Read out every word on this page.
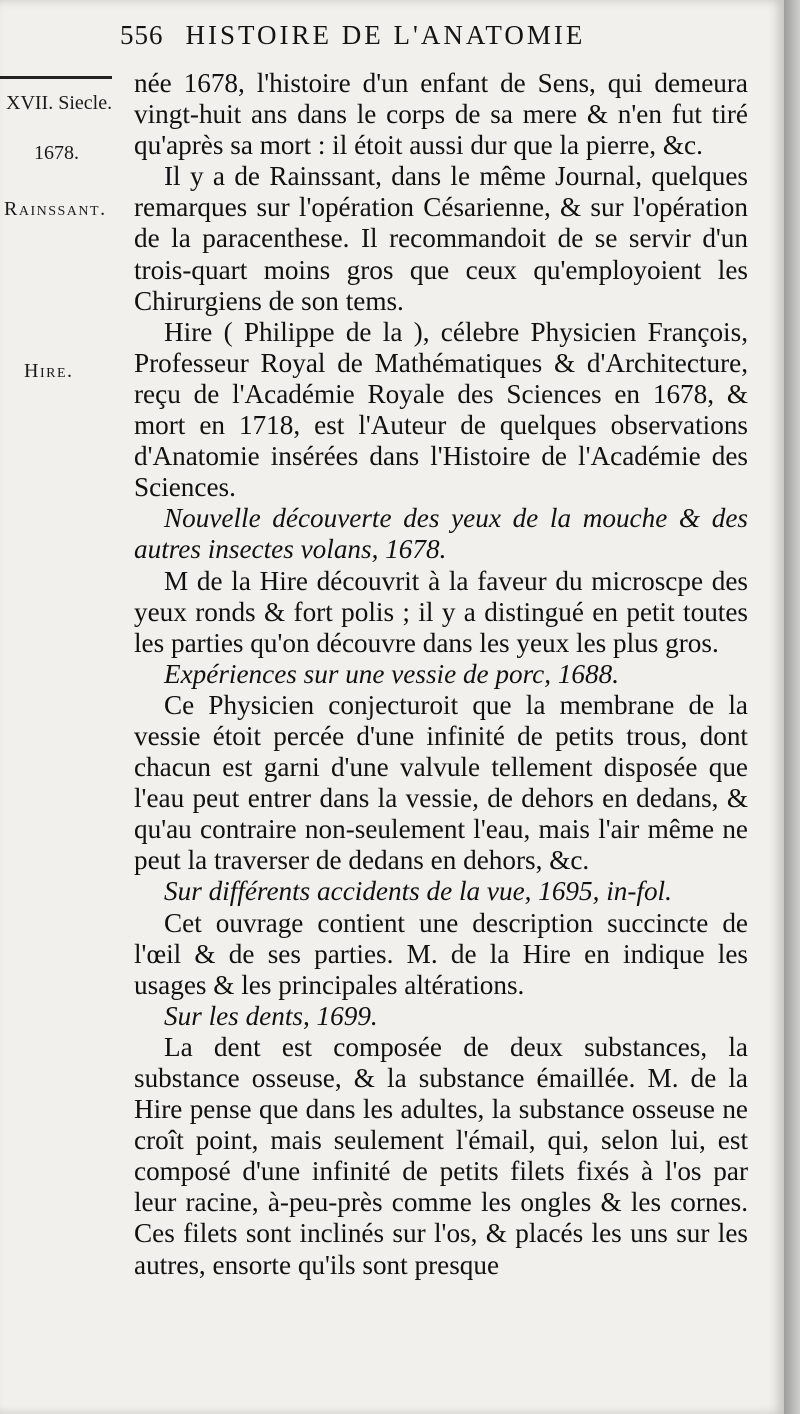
556 HISTOIRE DE L'ANATOMIE
XVII. Siecle.
1678.
Rainssant.
Hire.

née 1678, l'histoire d'un enfant de Sens, qui demeura vingt-huit ans dans le corps de sa mere & n'en fut tiré qu'après sa mort : il étoit aussi dur que la pierre, &c.

Il y a de Rainssant, dans le même Journal, quelques remarques sur l'opération Césarienne, & sur l'opération de la paracenthese. Il recommandoit de se servir d'un trois-quart moins gros que ceux qu'employoient les Chirurgiens de son tems.

Hire ( Philippe de la ), célebre Physicien François, Professeur Royal de Mathématiques & d'Architecture, reçu de l'Académie Royale des Sciences en 1678, & mort en 1718, est l'Auteur de quelques observations d'Anatomie insérées dans l'Histoire de l'Académie des Sciences.

Nouvelle découverte des yeux de la mouche & des autres insectes volans, 1678.

M de la Hire découvrit à la faveur du microscpe des yeux ronds & fort polis ; il y a distingué en petit toutes les parties qu'on découvre dans les yeux les plus gros.

Expériences sur une vessie de porc, 1688.

Ce Physicien conjecturoit que la membrane de la vessie étoit percée d'une infinité de petits trous, dont chacun est garni d'une valvule tellement disposée que l'eau peut entrer dans la vessie, de dehors en dedans, & qu'au contraire non-seulement l'eau, mais l'air même ne peut la traverser de dedans en dehors, &c.

Sur différents accidents de la vue, 1695, in-fol.

Cet ouvrage contient une description succincte de l'œil & de ses parties. M. de la Hire en indique les usages & les principales altérations.

Sur les dents, 1699.

La dent est composée de deux substances, la substance osseuse, & la substance émaillée. M. de la Hire pense que dans les adultes, la substance osseuse ne croît point, mais seulement l'émail, qui, selon lui, est composé d'une infinité de petits filets fixés à l'os par leur racine, à-peu-près comme les ongles & les cornes. Ces filets sont inclinés sur l'os, & placés les uns sur les autres, ensorte qu'ils sont presque
